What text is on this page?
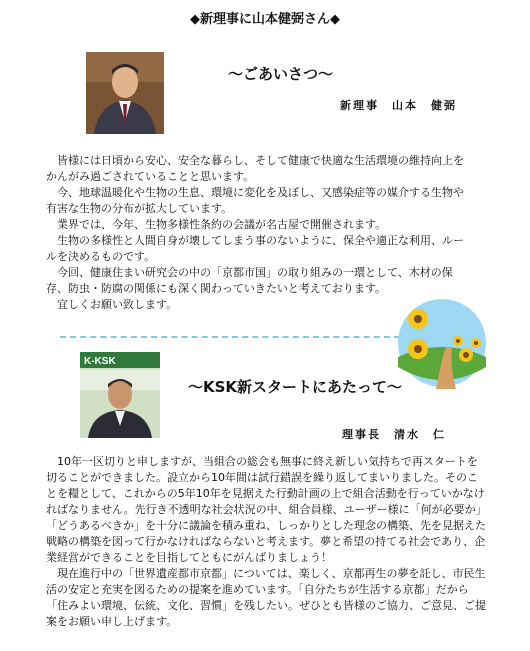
◆新理事に山本健弼さん◆
～ごあいさつ～
新理事　山本　健弼

皆様には日頃から安心、安全な暮らし、そして健康で快適な生活環境の維持向上をかんがみ過ごされていることと思います。

今、地球温暖化や生物の生息、環境に変化を及ぼし、又感染症等の媒介する生物や有害な生物の分布が拡大しています。

業界では、今年、生物多様性条約の会議が名古屋で開催されます。

生物の多様性と人間自身が壊してしまう事のないように、保全や適正な利用、ルールを決めるものです。

今回、健康住まい研究会の中の「京都市国」の取り組みの一環として、木材の保存、防虫・防腐の関係にも深く関わっていきたいと考えております。

宜しくお願い致します。

K-KSK
～KSK新スタートにあたって～
理事長　清水　仁

10年一区切りと申しますが、当組合の総会も無事に終え新しい気持ちで再スタートを切ることができました。設立から10年間は試行錯誤を繰り返してまいりました。そのことを糧として、これからの5年10年を見据えた行動計画の上で組合活動を行っていかなければなりません。先行き不透明な社会状況の中、組合員様、ユーザー様に「何が必要か」「どうあるべきか」を十分に議論を積み重ね、しっかりとした理念の構築、先を見据えた戦略の構築を図って行かなければならないと考えます。夢と希望の持てる社会であり、企業経営ができることを目指してともにがんばりましょう！

現在進行中の「世界遺産都市京都」については、楽しく、京都再生の夢を託し、市民生活の安定と充実を図るための提案を進めています。「自分たちが生活する京都」だから「住みよい環境、伝統、文化、習慣」を残したい。ぜひとも皆様のご協力、ご意見、ご提案をお願い申し上げます。
